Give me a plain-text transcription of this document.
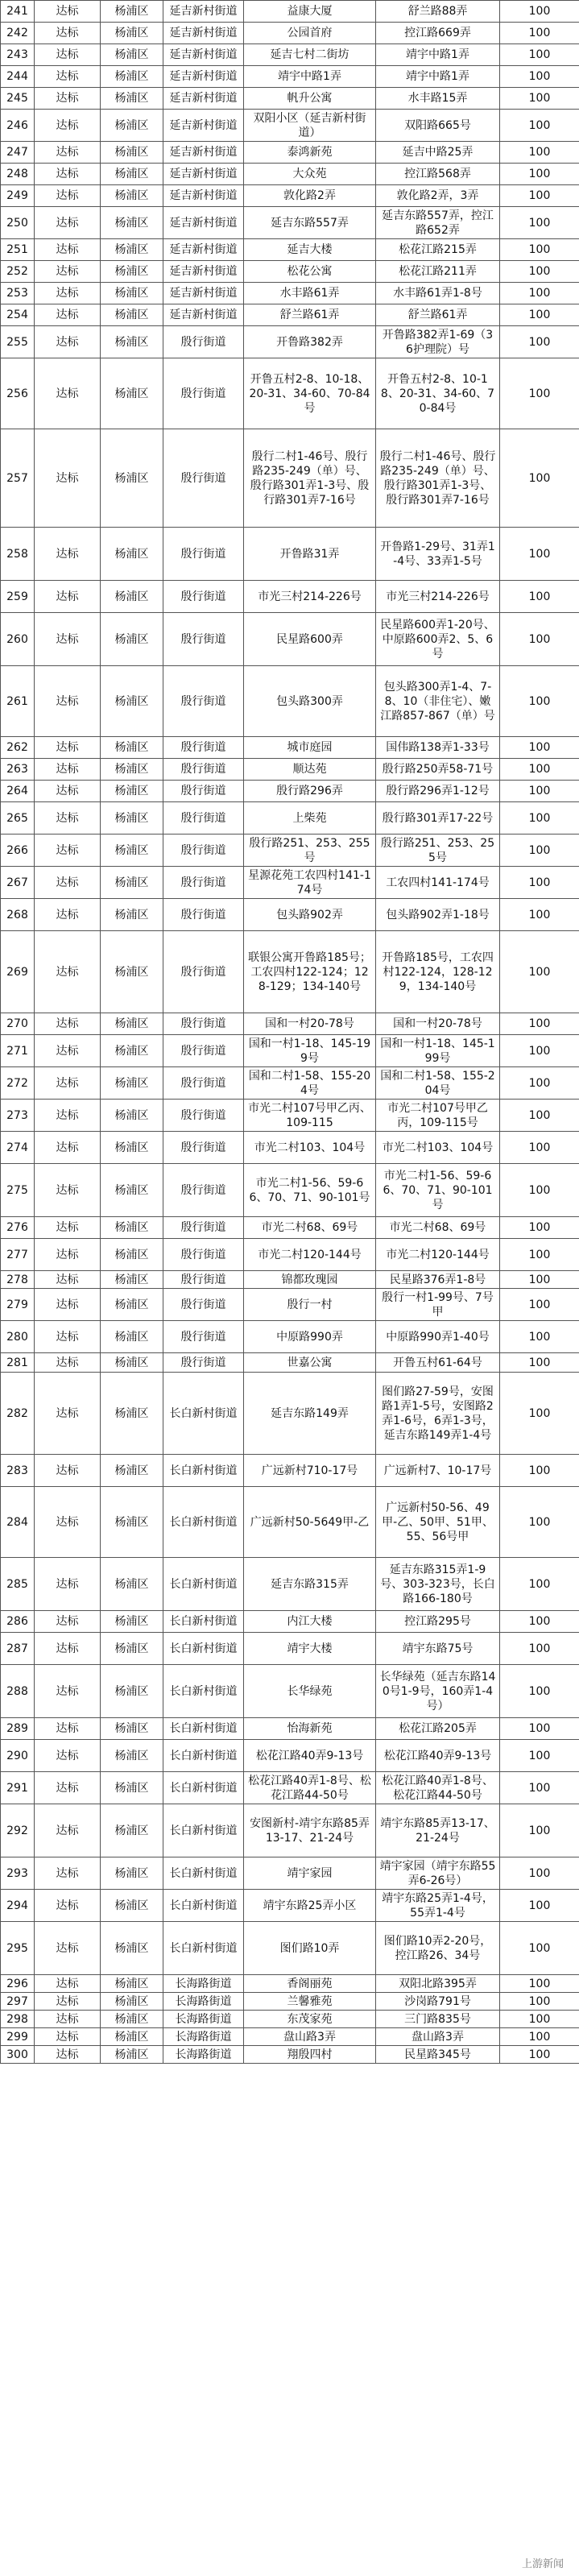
241	达标	杨浦区	延吉新村街道	益康大厦	舒兰路88弄	100
242	达标	杨浦区	延吉新村街道	公园首府	控江路669弄	100
243	达标	杨浦区	延吉新村街道	延吉七村二街坊	靖宇中路1弄	100
244	达标	杨浦区	延吉新村街道	靖宇中路1弄	靖宇中路1弄	100
245	达标	杨浦区	延吉新村街道	帆升公寓	水丰路15弄	100
246	达标	杨浦区	延吉新村街道	双阳小区（延吉新村街道）	双阳路665号	100
247	达标	杨浦区	延吉新村街道	泰鸿新苑	延吉中路25弄	100
248	达标	杨浦区	延吉新村街道	大众苑	控江路568弄	100
249	达标	杨浦区	延吉新村街道	敦化路2弄	敦化路2弄，3弄	100
250	达标	杨浦区	延吉新村街道	延吉东路557弄	延吉东路557弄，控江路652弄	100
251	达标	杨浦区	延吉新村街道	延吉大楼	松花江路215弄	100
252	达标	杨浦区	延吉新村街道	松花公寓	松花江路211弄	100
253	达标	杨浦区	延吉新村街道	水丰路61弄	水丰路61弄1-8号	100
254	达标	杨浦区	延吉新村街道	舒兰路61弄	舒兰路61弄	100
255	达标	杨浦区	殷行街道	开鲁路382弄	开鲁路382弄1-69（36护理院）号	100
256	达标	杨浦区	殷行街道	开鲁五村2-8、10-18、20-31、34-60、70-84号	开鲁五村2-8、10-18、20-31、34-60、70-84号	100
257	达标	杨浦区	殷行街道	殷行二村1-46号、殷行路235-249（单）号、殷行路301弄1-3号、殷行路301弄7-16号	殷行二村1-46号、殷行路235-249（单）号、殷行路301弄1-3号、殷行路301弄7-16号	100
258	达标	杨浦区	殷行街道	开鲁路31弄	开鲁路1-29号、31弄1-4号、33弄1-5号	100
259	达标	杨浦区	殷行街道	市光三村214-226号	市光三村214-226号	100
260	达标	杨浦区	殷行街道	民星路600弄	民星路600弄1-20号、中原路600弄2、5、6号	100
261	达标	杨浦区	殷行街道	包头路300弄	包头路300弄1-4、7-8、10（非住宅）、嫩江路857-867（单）号	100
262	达标	杨浦区	殷行街道	城市庭园	国伟路138弄1-33号	100
263	达标	杨浦区	殷行街道	顺达苑	殷行路250弄58-71号	100
264	达标	杨浦区	殷行街道	殷行路296弄	殷行路296弄1-12号	100
265	达标	杨浦区	殷行街道	上柴苑	殷行路301弄17-22号	100
266	达标	杨浦区	殷行街道	殷行路251、253、255号	殷行路251、253、255号	100
267	达标	杨浦区	殷行街道	星源花苑工农四村141-174号	工农四村141-174号	100
268	达标	杨浦区	殷行街道	包头路902弄	包头路902弄1-18号	100
269	达标	杨浦区	殷行街道	联银公寓开鲁路185号；工农四村122-124；128-129；134-140号	开鲁路185号，工农四村122-124，128-129，134-140号	100
270	达标	杨浦区	殷行街道	国和一村20-78号	国和一村20-78号	100
271	达标	杨浦区	殷行街道	国和一村1-18、145-199号	国和一村1-18、145-199号	100
272	达标	杨浦区	殷行街道	国和二村1-58、155-204号	国和二村1-58、155-204号	100
273	达标	杨浦区	殷行街道	市光二村107号甲乙丙、109-115	市光二村107号甲乙丙，109-115号	100
274	达标	杨浦区	殷行街道	市光二村103、104号	市光二村103、104号	100
275	达标	杨浦区	殷行街道	市光二村1-56、59-66、70、71、90-101号	市光二村1-56、59-66、70、71、90-101号	100
276	达标	杨浦区	殷行街道	市光二村68、69号	市光二村68、69号	100
277	达标	杨浦区	殷行街道	市光二村120-144号	市光二村120-144号	100
278	达标	杨浦区	殷行街道	锦都玫瑰园	民星路376弄1-8号	100
279	达标	杨浦区	殷行街道	殷行一村	殷行一村1-99号、7号甲	100
280	达标	杨浦区	殷行街道	中原路990弄	中原路990弄1-40号	100
281	达标	杨浦区	殷行街道	世嘉公寓	开鲁五村61-64号	100
282	达标	杨浦区	长白新村街道	延吉东路149弄	图们路27-59号，安图路1弄1-5号，安图路2弄1-6号，6弄1-3号，延吉东路149弄1-4号	100
283	达标	杨浦区	长白新村街道	广远新村710-17号	广远新村7、10-17号	100
284	达标	杨浦区	长白新村街道	广远新村50-5649甲-乙	广远新村50-56、49甲-乙、50甲、51甲、55、56号甲	100
285	达标	杨浦区	长白新村街道	延吉东路315弄	延吉东路315弄1-9号、303-323号，长白路166-180号	100
286	达标	杨浦区	长白新村街道	内江大楼	控江路295号	100
287	达标	杨浦区	长白新村街道	靖宇大楼	靖宇东路75号	100
288	达标	杨浦区	长白新村街道	长华绿苑	长华绿苑（延吉东路140号1-9号，160弄1-4号）	100
289	达标	杨浦区	长白新村街道	怡海新苑	松花江路205弄	100
290	达标	杨浦区	长白新村街道	松花江路40弄9-13号	松花江路40弄9-13号	100
291	达标	杨浦区	长白新村街道	松花江路40弄1-8号、松花江路44-50号	松花江路40弄1-8号、松花江路44-50号	100
292	达标	杨浦区	长白新村街道	安图新村-靖宇东路85弄13-17、21-24号	靖宇东路85弄13-17、21-24号	100
293	达标	杨浦区	长白新村街道	靖宇家园	靖宇家园（靖宇东路55弄6-26号）	100
294	达标	杨浦区	长白新村街道	靖宇东路25弄小区	靖宇东路25弄1-4号，55弄1-4号	100
295	达标	杨浦区	长白新村街道	图们路10弄	图们路10弄2-20号，控江路26、34号	100
296	达标	杨浦区	长海路街道	香阁丽苑	双阳北路395弄	100
297	达标	杨浦区	长海路街道	兰馨雅苑	沙岗路791号	100
298	达标	杨浦区	长海路街道	东茂家苑	三门路835号	100
299	达标	杨浦区	长海路街道	盘山路3弄	盘山路3弄	100
300	达标	杨浦区	长海路街道	翔殷四村	民星路345号	100
上游新闻
